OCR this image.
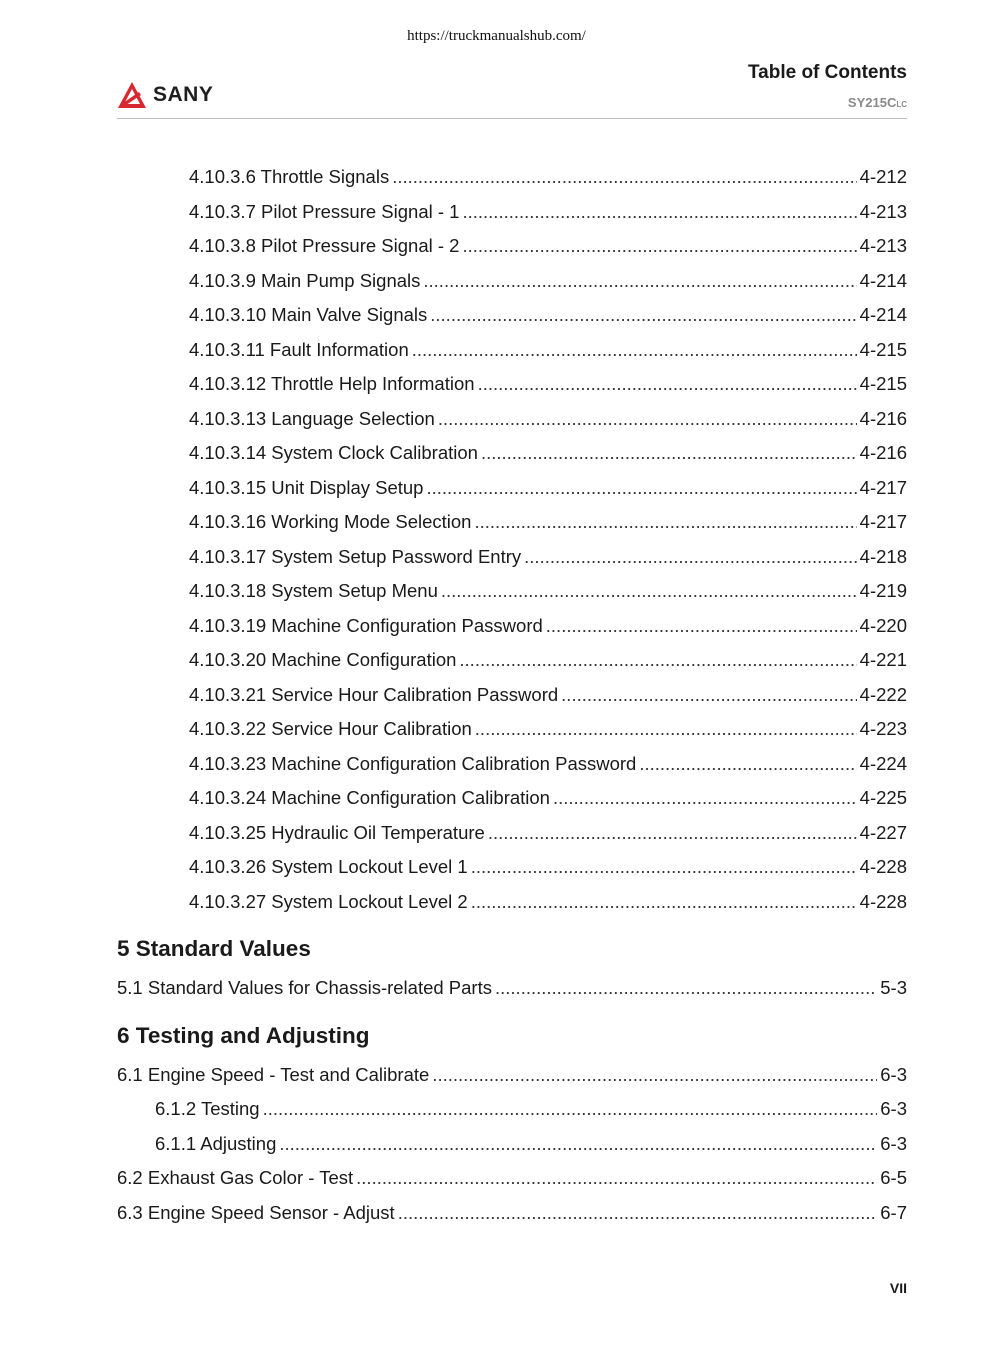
https://truckmanualshub.com/
SANY
Table of Contents
SY215CLC
4.10.3.6 Throttle Signals .....	4-212
4.10.3.7 Pilot Pressure Signal - 1 .....	4-213
4.10.3.8 Pilot Pressure Signal - 2 .....	4-213
4.10.3.9 Main Pump Signals .....	4-214
4.10.3.10 Main Valve Signals .....	4-214
4.10.3.11 Fault Information .....	4-215
4.10.3.12 Throttle Help Information .....	4-215
4.10.3.13 Language Selection .....	4-216
4.10.3.14 System Clock Calibration .....	4-216
4.10.3.15 Unit Display Setup .....	4-217
4.10.3.16 Working Mode Selection .....	4-217
4.10.3.17 System Setup Password Entry .....	4-218
4.10.3.18 System Setup Menu .....	4-219
4.10.3.19 Machine Configuration Password .....	4-220
4.10.3.20 Machine Configuration .....	4-221
4.10.3.21 Service Hour Calibration Password .....	4-222
4.10.3.22 Service Hour Calibration .....	4-223
4.10.3.23 Machine Configuration Calibration Password .....	4-224
4.10.3.24 Machine Configuration Calibration .....	4-225
4.10.3.25 Hydraulic Oil Temperature .....	4-227
4.10.3.26 System Lockout Level 1 .....	4-228
4.10.3.27 System Lockout Level 2 .....	4-228
5 Standard Values
5.1 Standard Values for Chassis-related Parts .....	5-3
6 Testing and Adjusting
6.1 Engine Speed - Test and Calibrate .....	6-3
6.1.2 Testing .....	6-3
6.1.1 Adjusting .....	6-3
6.2 Exhaust Gas Color - Test .....	6-5
6.3 Engine Speed Sensor - Adjust .....	6-7
VII
